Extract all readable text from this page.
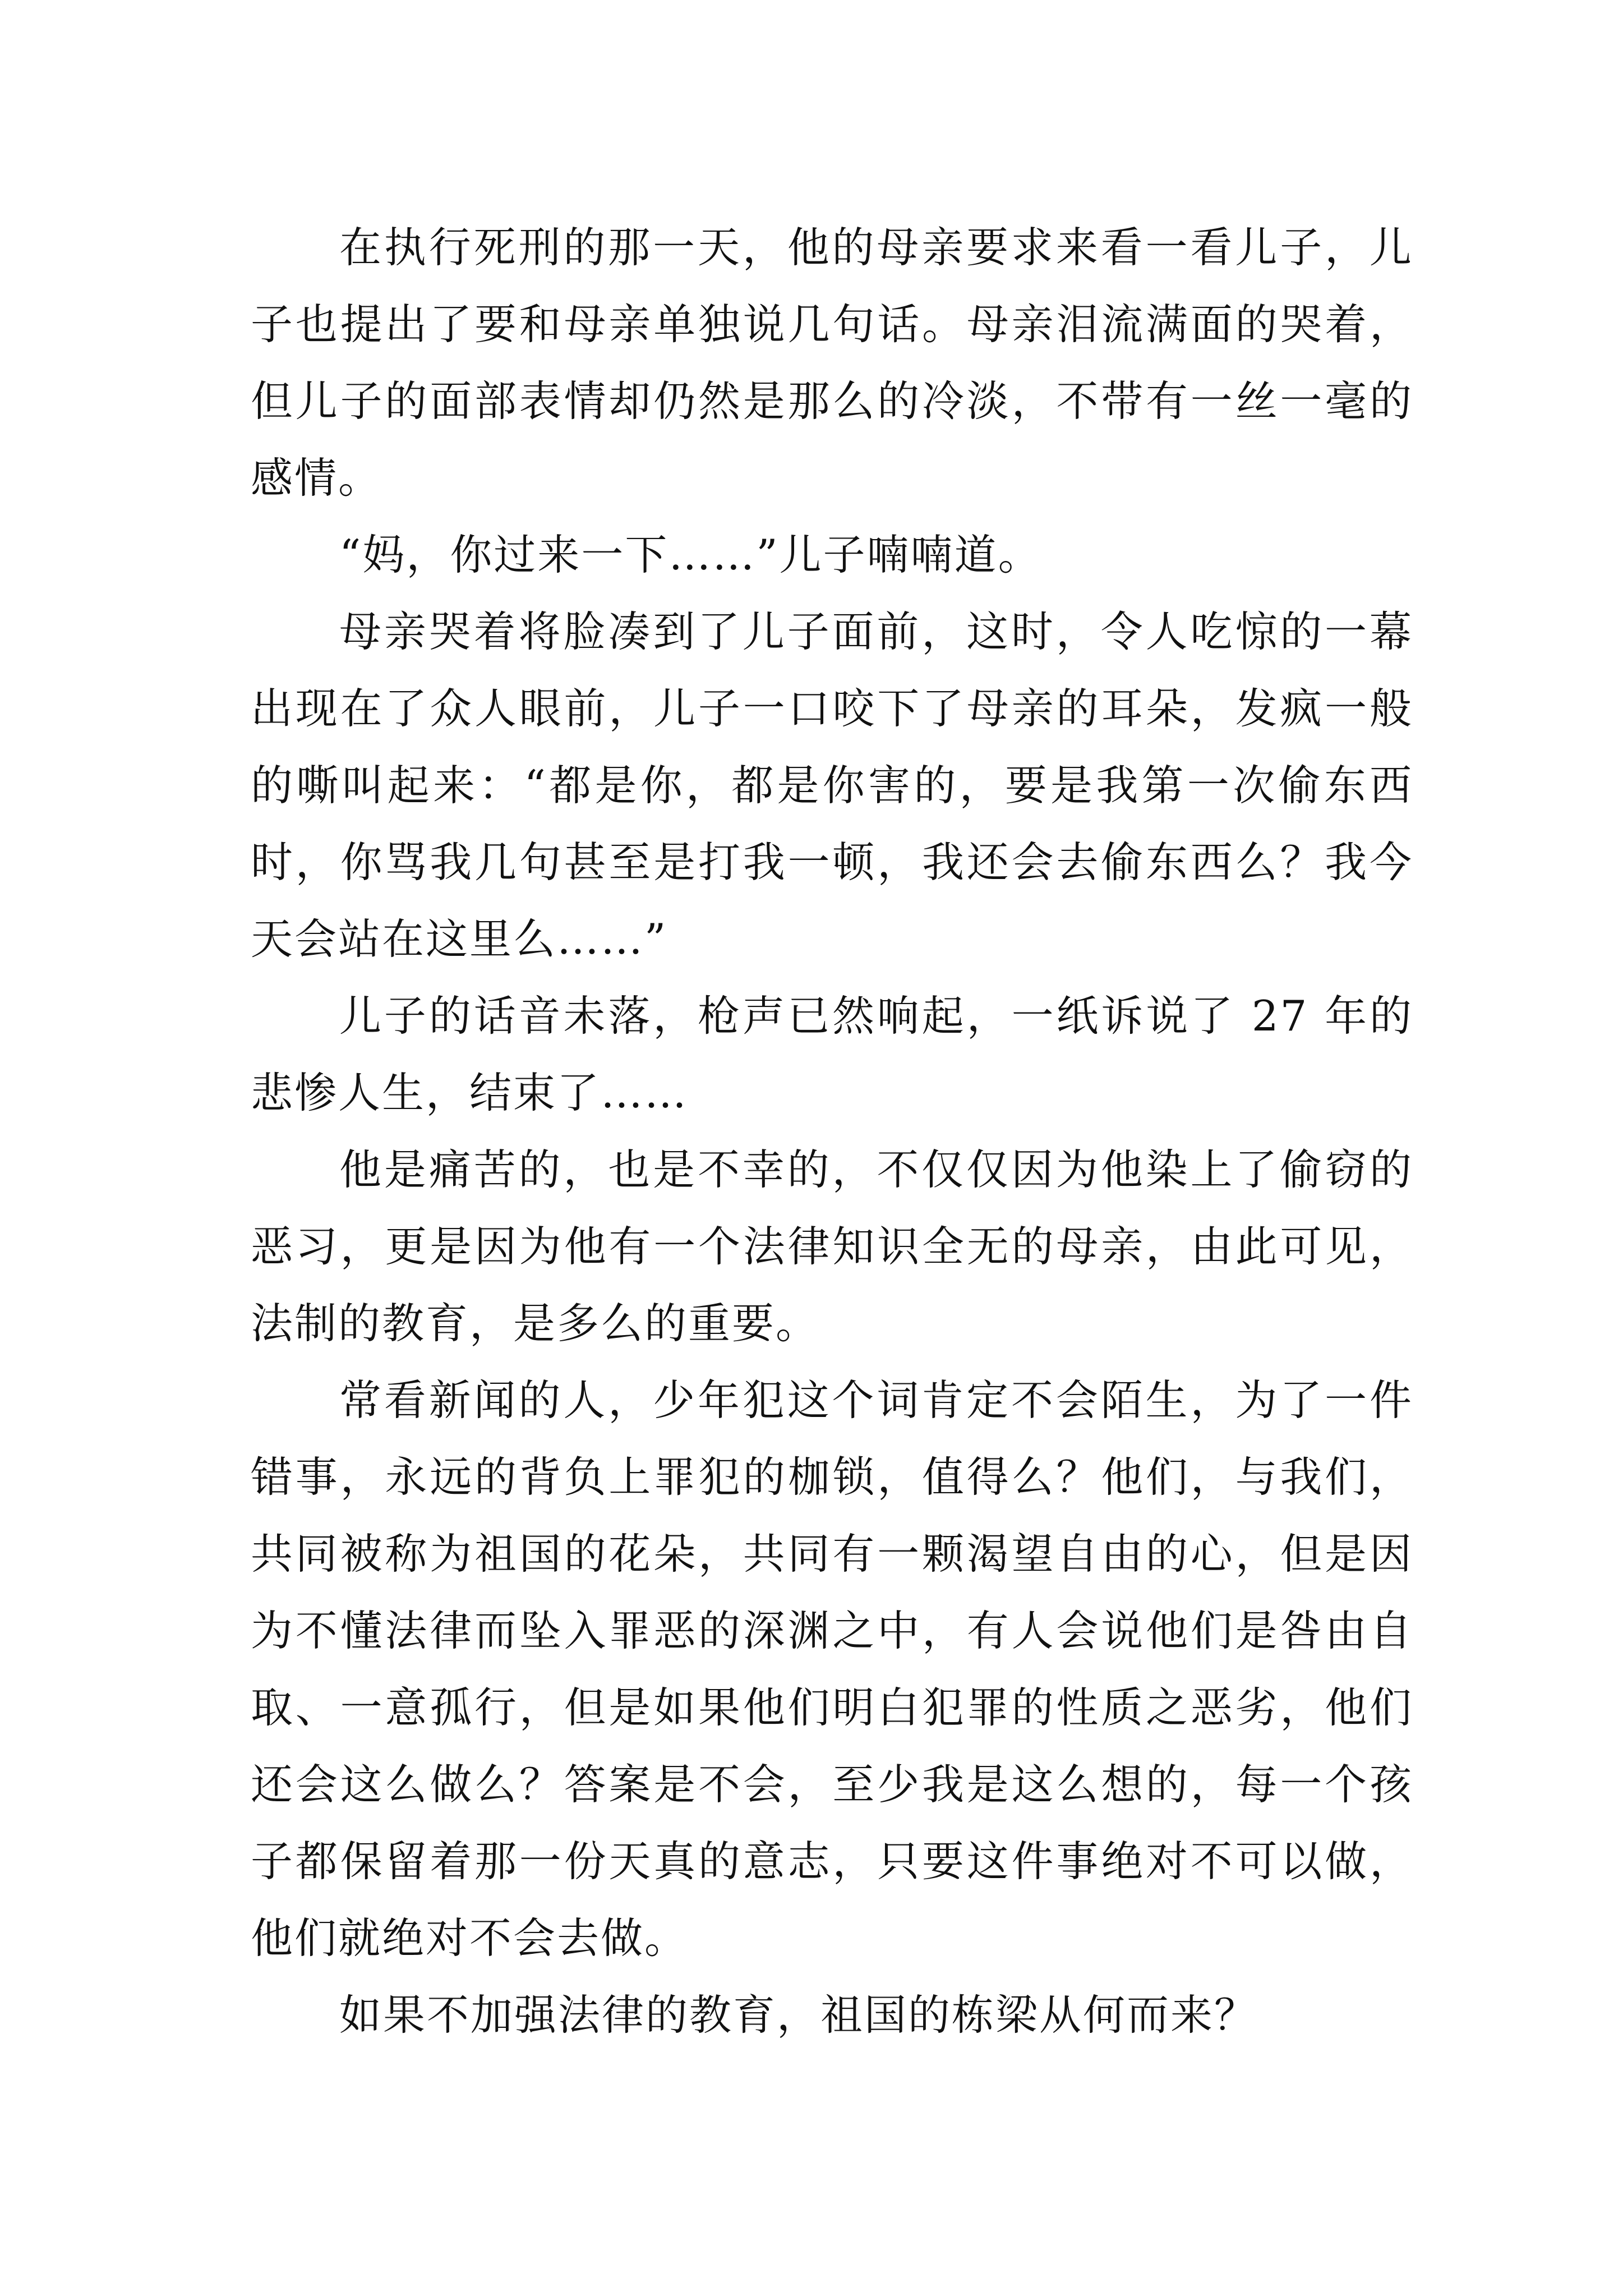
在执行死刑的那一天，他的母亲要求来看一看儿子，儿
子也提出了要和母亲单独说几句话。母亲泪流满面的哭着，
但儿子的面部表情却仍然是那么的冷淡，不带有一丝一毫的
感情。
“妈，你过来一下……”儿子喃喃道。
母亲哭着将脸凑到了儿子面前，这时，令人吃惊的一幕
出现在了众人眼前，儿子一口咬下了母亲的耳朵，发疯一般
的嘶叫起来：“都是你，都是你害的，要是我第一次偷东西
时，你骂我几句甚至是打我一顿，我还会去偷东西么？我今
天会站在这里么……”
儿子的话音未落，枪声已然响起，一纸诉说了 27 年的
悲惨人生，结束了……
他是痛苦的，也是不幸的，不仅仅因为他染上了偷窃的
恶习，更是因为他有一个法律知识全无的母亲，由此可见，
法制的教育，是多么的重要。
常看新闻的人，少年犯这个词肯定不会陌生，为了一件
错事，永远的背负上罪犯的枷锁，值得么？他们，与我们，
共同被称为祖国的花朵，共同有一颗渴望自由的心，但是因
为不懂法律而坠入罪恶的深渊之中，有人会说他们是咎由自
取、一意孤行，但是如果他们明白犯罪的性质之恶劣，他们
还会这么做么？答案是不会，至少我是这么想的，每一个孩
子都保留着那一份天真的意志，只要这件事绝对不可以做，
他们就绝对不会去做。
如果不加强法律的教育，祖国的栋梁从何而来？
